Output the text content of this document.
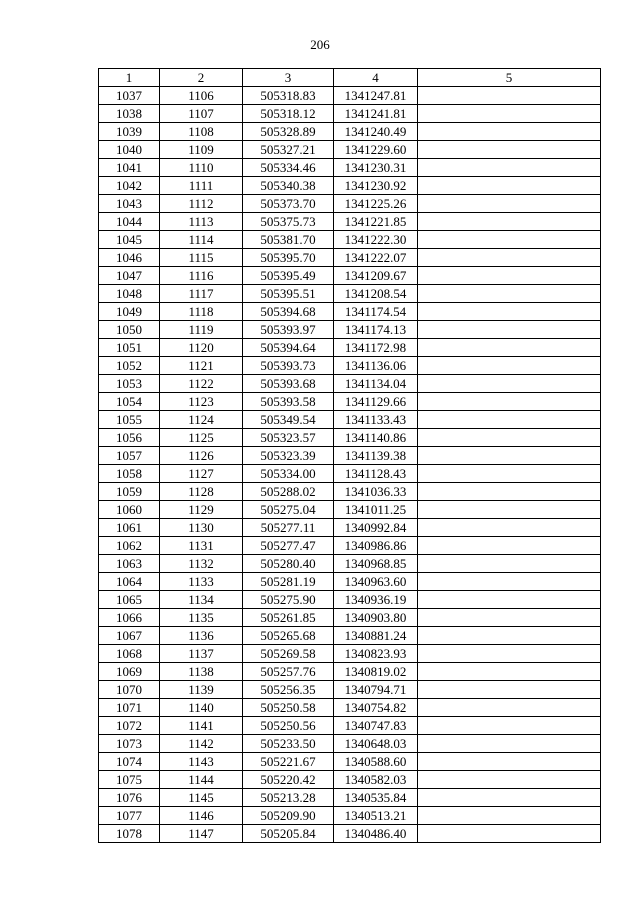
206
1	2	3	4	5
1037	1106	505318.83	1341247.81	
1038	1107	505318.12	1341241.81	
1039	1108	505328.89	1341240.49	
1040	1109	505327.21	1341229.60	
1041	1110	505334.46	1341230.31	
1042	1111	505340.38	1341230.92	
1043	1112	505373.70	1341225.26	
1044	1113	505375.73	1341221.85	
1045	1114	505381.70	1341222.30	
1046	1115	505395.70	1341222.07	
1047	1116	505395.49	1341209.67	
1048	1117	505395.51	1341208.54	
1049	1118	505394.68	1341174.54	
1050	1119	505393.97	1341174.13	
1051	1120	505394.64	1341172.98	
1052	1121	505393.73	1341136.06	
1053	1122	505393.68	1341134.04	
1054	1123	505393.58	1341129.66	
1055	1124	505349.54	1341133.43	
1056	1125	505323.57	1341140.86	
1057	1126	505323.39	1341139.38	
1058	1127	505334.00	1341128.43	
1059	1128	505288.02	1341036.33	
1060	1129	505275.04	1341011.25	
1061	1130	505277.11	1340992.84	
1062	1131	505277.47	1340986.86	
1063	1132	505280.40	1340968.85	
1064	1133	505281.19	1340963.60	
1065	1134	505275.90	1340936.19	
1066	1135	505261.85	1340903.80	
1067	1136	505265.68	1340881.24	
1068	1137	505269.58	1340823.93	
1069	1138	505257.76	1340819.02	
1070	1139	505256.35	1340794.71	
1071	1140	505250.58	1340754.82	
1072	1141	505250.56	1340747.83	
1073	1142	505233.50	1340648.03	
1074	1143	505221.67	1340588.60	
1075	1144	505220.42	1340582.03	
1076	1145	505213.28	1340535.84	
1077	1146	505209.90	1340513.21	
1078	1147	505205.84	1340486.40	
